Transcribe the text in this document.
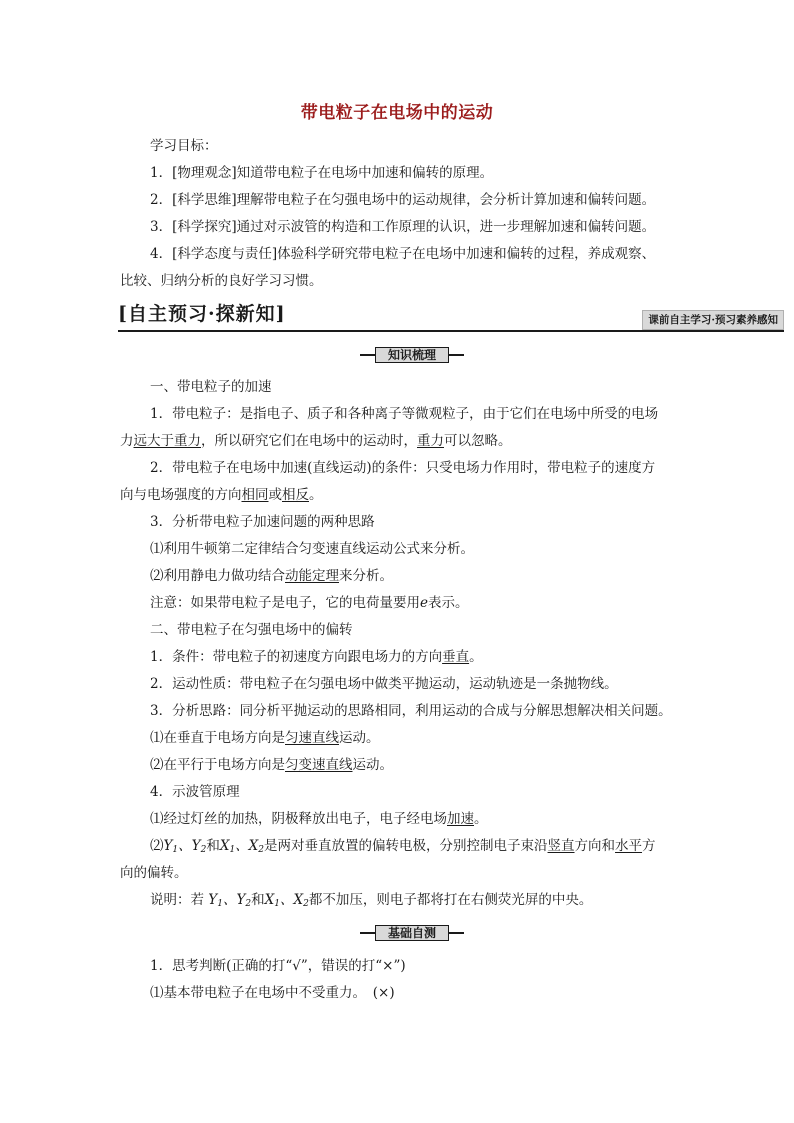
带电粒子在电场中的运动
学习目标：
1．[物理观念]知道带电粒子在电场中加速和偏转的原理。
2．[科学思维]理解带电粒子在匀强电场中的运动规律，会分析计算加速和偏转问题。
3．[科学探究]通过对示波管的构造和工作原理的认识，进一步理解加速和偏转问题。
4．[科学态度与责任]体验科学研究带电粒子在电场中加速和偏转的过程，养成观察、
比较、归纳分析的良好学习习惯。
[自主预习·探新知]	课前自主学习·预习素养感知
知识梳理
一、带电粒子的加速
1．带电粒子：是指电子、质子和各种离子等微观粒子，由于它们在电场中所受的电场
力远大于重力，所以研究它们在电场中的运动时，重力可以忽略。
2．带电粒子在电场中加速(直线运动)的条件：只受电场力作用时，带电粒子的速度方
向与电场强度的方向相同或相反。
3．分析带电粒子加速问题的两种思路
⑴利用牛顿第二定律结合匀变速直线运动公式来分析。
⑵利用静电力做功结合动能定理来分析。
注意：如果带电粒子是电子，它的电荷量要用e表示。
二、带电粒子在匀强电场中的偏转
1．条件：带电粒子的初速度方向跟电场力的方向垂直。
2．运动性质：带电粒子在匀强电场中做类平抛运动，运动轨迹是一条抛物线。
3．分析思路：同分析平抛运动的思路相同，利用运动的合成与分解思想解决相关问题。
⑴在垂直于电场方向是匀速直线运动。
⑵在平行于电场方向是匀变速直线运动。
4．示波管原理
⑴经过灯丝的加热，阴极释放出电子，电子经电场加速。
$⑵Y_1$、$Y_2$和$X_1$、$X_2$是两对垂直放置的偏转电极，分别控制电子束沿竖直方向和水平方
向的偏转。
说明：若 $Y_1$、$Y_2$和$X_1$、$X_2$都不加压，则电子都将打在右侧荧光屏的中央。
基础自测
1．思考判断(正确的打“√”，错误的打“×”)
⑴基本带电粒子在电场中不受重力。　(×)
